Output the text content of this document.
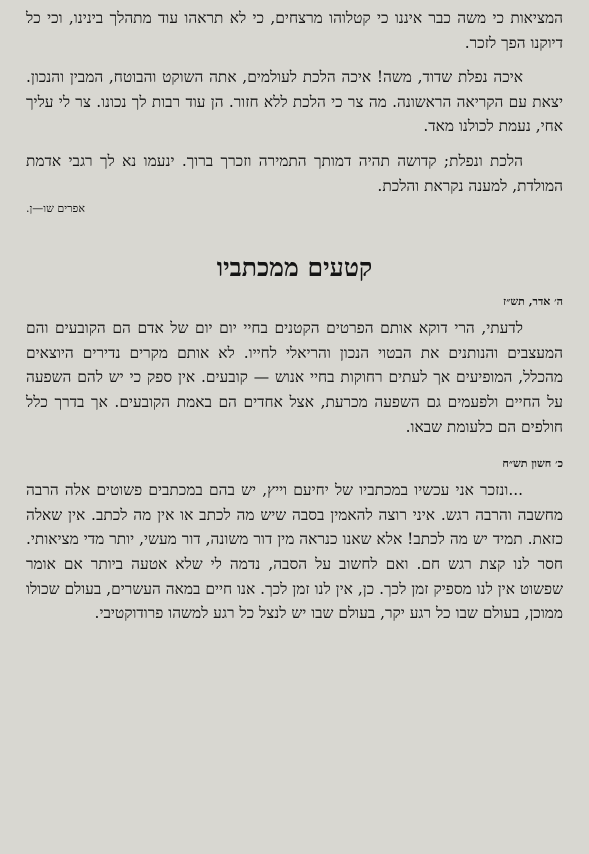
המציאות כי משה כבר איננו כי קטלוהו מרצחים, כי לא תראהו עוד מתהלך בינינו, וכי כל דיוקנו הפך לזכר.

איכה נפלת שדוד, משה! איכה הלכת לעולמים, אתה השוקט והבוטח, המבין והנכון. יצאת עם הקריאה הראשונה. מה צר כי הלכת ללא חזור. הן עוד רבות לך נכונו. צר לי עליך אחי, נעמת לכולנו מאד.

הלכת ונפלת; קדושה תהיה דמותך התמירה וזכרך ברוך. ינעמו נא לך רגבי אדמת המולדת, למענה נקראת והלכת.

אפרים שו—ן.
קטעים ממכתביו
ה׳ אדר, תש״ז

לדעתי, הרי דוקא אותם הפרטים הקטנים בחיי יום יום של אדם הם הקובעים והם המעצבים והנותנים את הבטוי הנכון והריאלי לחייו. לא אותם מקרים נדירים היוצאים מהכלל, המופיעים אך לעתים רחוקות בחיי אנוש — קובעים. אין ספק כי יש להם השפעה על החיים ולפעמים גם השפעה מכרעת, אצל אחדים הם באמת הקובעים. אך בדרך כלל חולפים הם כלעומת שבאו.

כ׳ חשון תש״ח

...ונזכר אני עכשיו במכתביו של יחיעם וייץ, יש בהם במכתבים פשוטים אלה הרבה מחשבה והרבה רגש. איני רוצה להאמין בסבה שיש מה לכתב או אין מה לכתב. אין שאלה כזאת. תמיד יש מה לכתב! אלא שאנו כנראה מין דור משונה, דור מעשי, יותר מדי מציאותי. חסר לנו קצת רגש חם. ואם לחשוב על הסבה, נדמה לי שלא אטעה ביותר אם אומר שפשוט אין לנו מספיק זמן לכך. כן, אין לנו זמן לכך. אנו חיים במאה העשרים, בעולם שכולו ממוכן, בעולם שבו כל רגע יקר, בעולם שבו יש לנצל כל רגע למשהו פרודוקטיבי.
